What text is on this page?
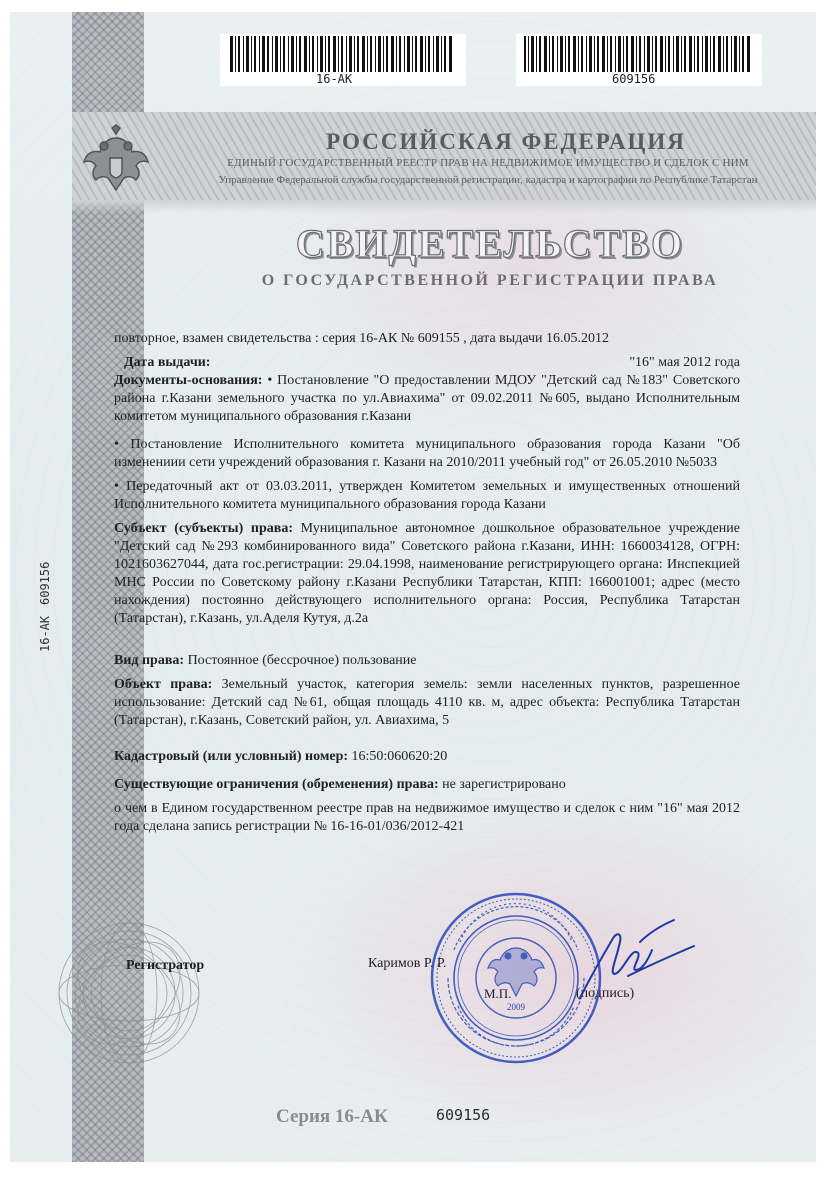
16-AK	609156
РОССИЙСКАЯ ФЕДЕРАЦИЯ
ЕДИНЫЙ ГОСУДАРСТВЕННЫЙ РЕЕСТР ПРАВ НА НЕДВИЖИМОЕ ИМУЩЕСТВО И СДЕЛОК С НИМ
Управление Федеральной службы государственной регистрации, кадастра и картографии по Республике Татарстан
СВИДЕТЕЛЬСТВО
О ГОСУДАРСТВЕННОЙ РЕГИСТРАЦИИ ПРАВА
16-AK
609156

повторное, взамен свидетельства : серия 16-АК № 609155 , дата выдачи 16.05.2012

Дата выдачи:	"16" мая 2012 года

Документы-основания: • Постановление "О предоставлении МДОУ "Детский сад №183" Советского района г.Казани земельного участка по ул.Авиахима" от 09.02.2011 №605, выдано Исполнительным комитетом муниципального образования г.Казани

• Постановление Исполнительного комитета муниципального образования города Казани "Об изменениии сети учреждений образования г. Казани на 2010/2011 учебный год" от 26.05.2010 №5033

• Передаточный акт от 03.03.2011, утвержден Комитетом земельных и имущественных отношений Исполнительного комитета муниципального образования города Казани

Субъект (субъекты) права: Муниципальное автономное дошкольное образовательное учреждение "Детский сад №293 комбинированного вида" Советского района г.Казани, ИНН: 1660034128, ОГРН: 1021603627044, дата гос.регистрации: 29.04.1998, наименование регистрирующего органа: Инспекцией МНС России по Советскому району г.Казани Республики Татарстан, КПП: 166001001; адрес (место нахождения) постоянно действующего исполнительного органа: Россия, Республика Татарстан (Татарстан), г.Казань, ул.Аделя Кутуя, д.2а

Вид права: Постоянное (бессрочное) пользование

Объект права: Земельный участок, категория земель: земли населенных пунктов, разрешенное использование: Детский сад №61, общая площадь 4110 кв. м, адрес объекта: Республика Татарстан (Татарстан), г.Казань, Советский район, ул. Авиахима, 5

Кадастровый (или условный) номер: 16:50:060620:20

Существующие ограничения (обременения) права: не зарегистрировано

о чем в Едином государственном реестре прав на недвижимое имущество и сделок с ним "16" мая 2012 года сделана запись регистрации № 16-16-01/036/2012-421

Регистратор	Каримов Р. Р.
М.П.	(подпись)
2009
Серия 16-АК	609156
